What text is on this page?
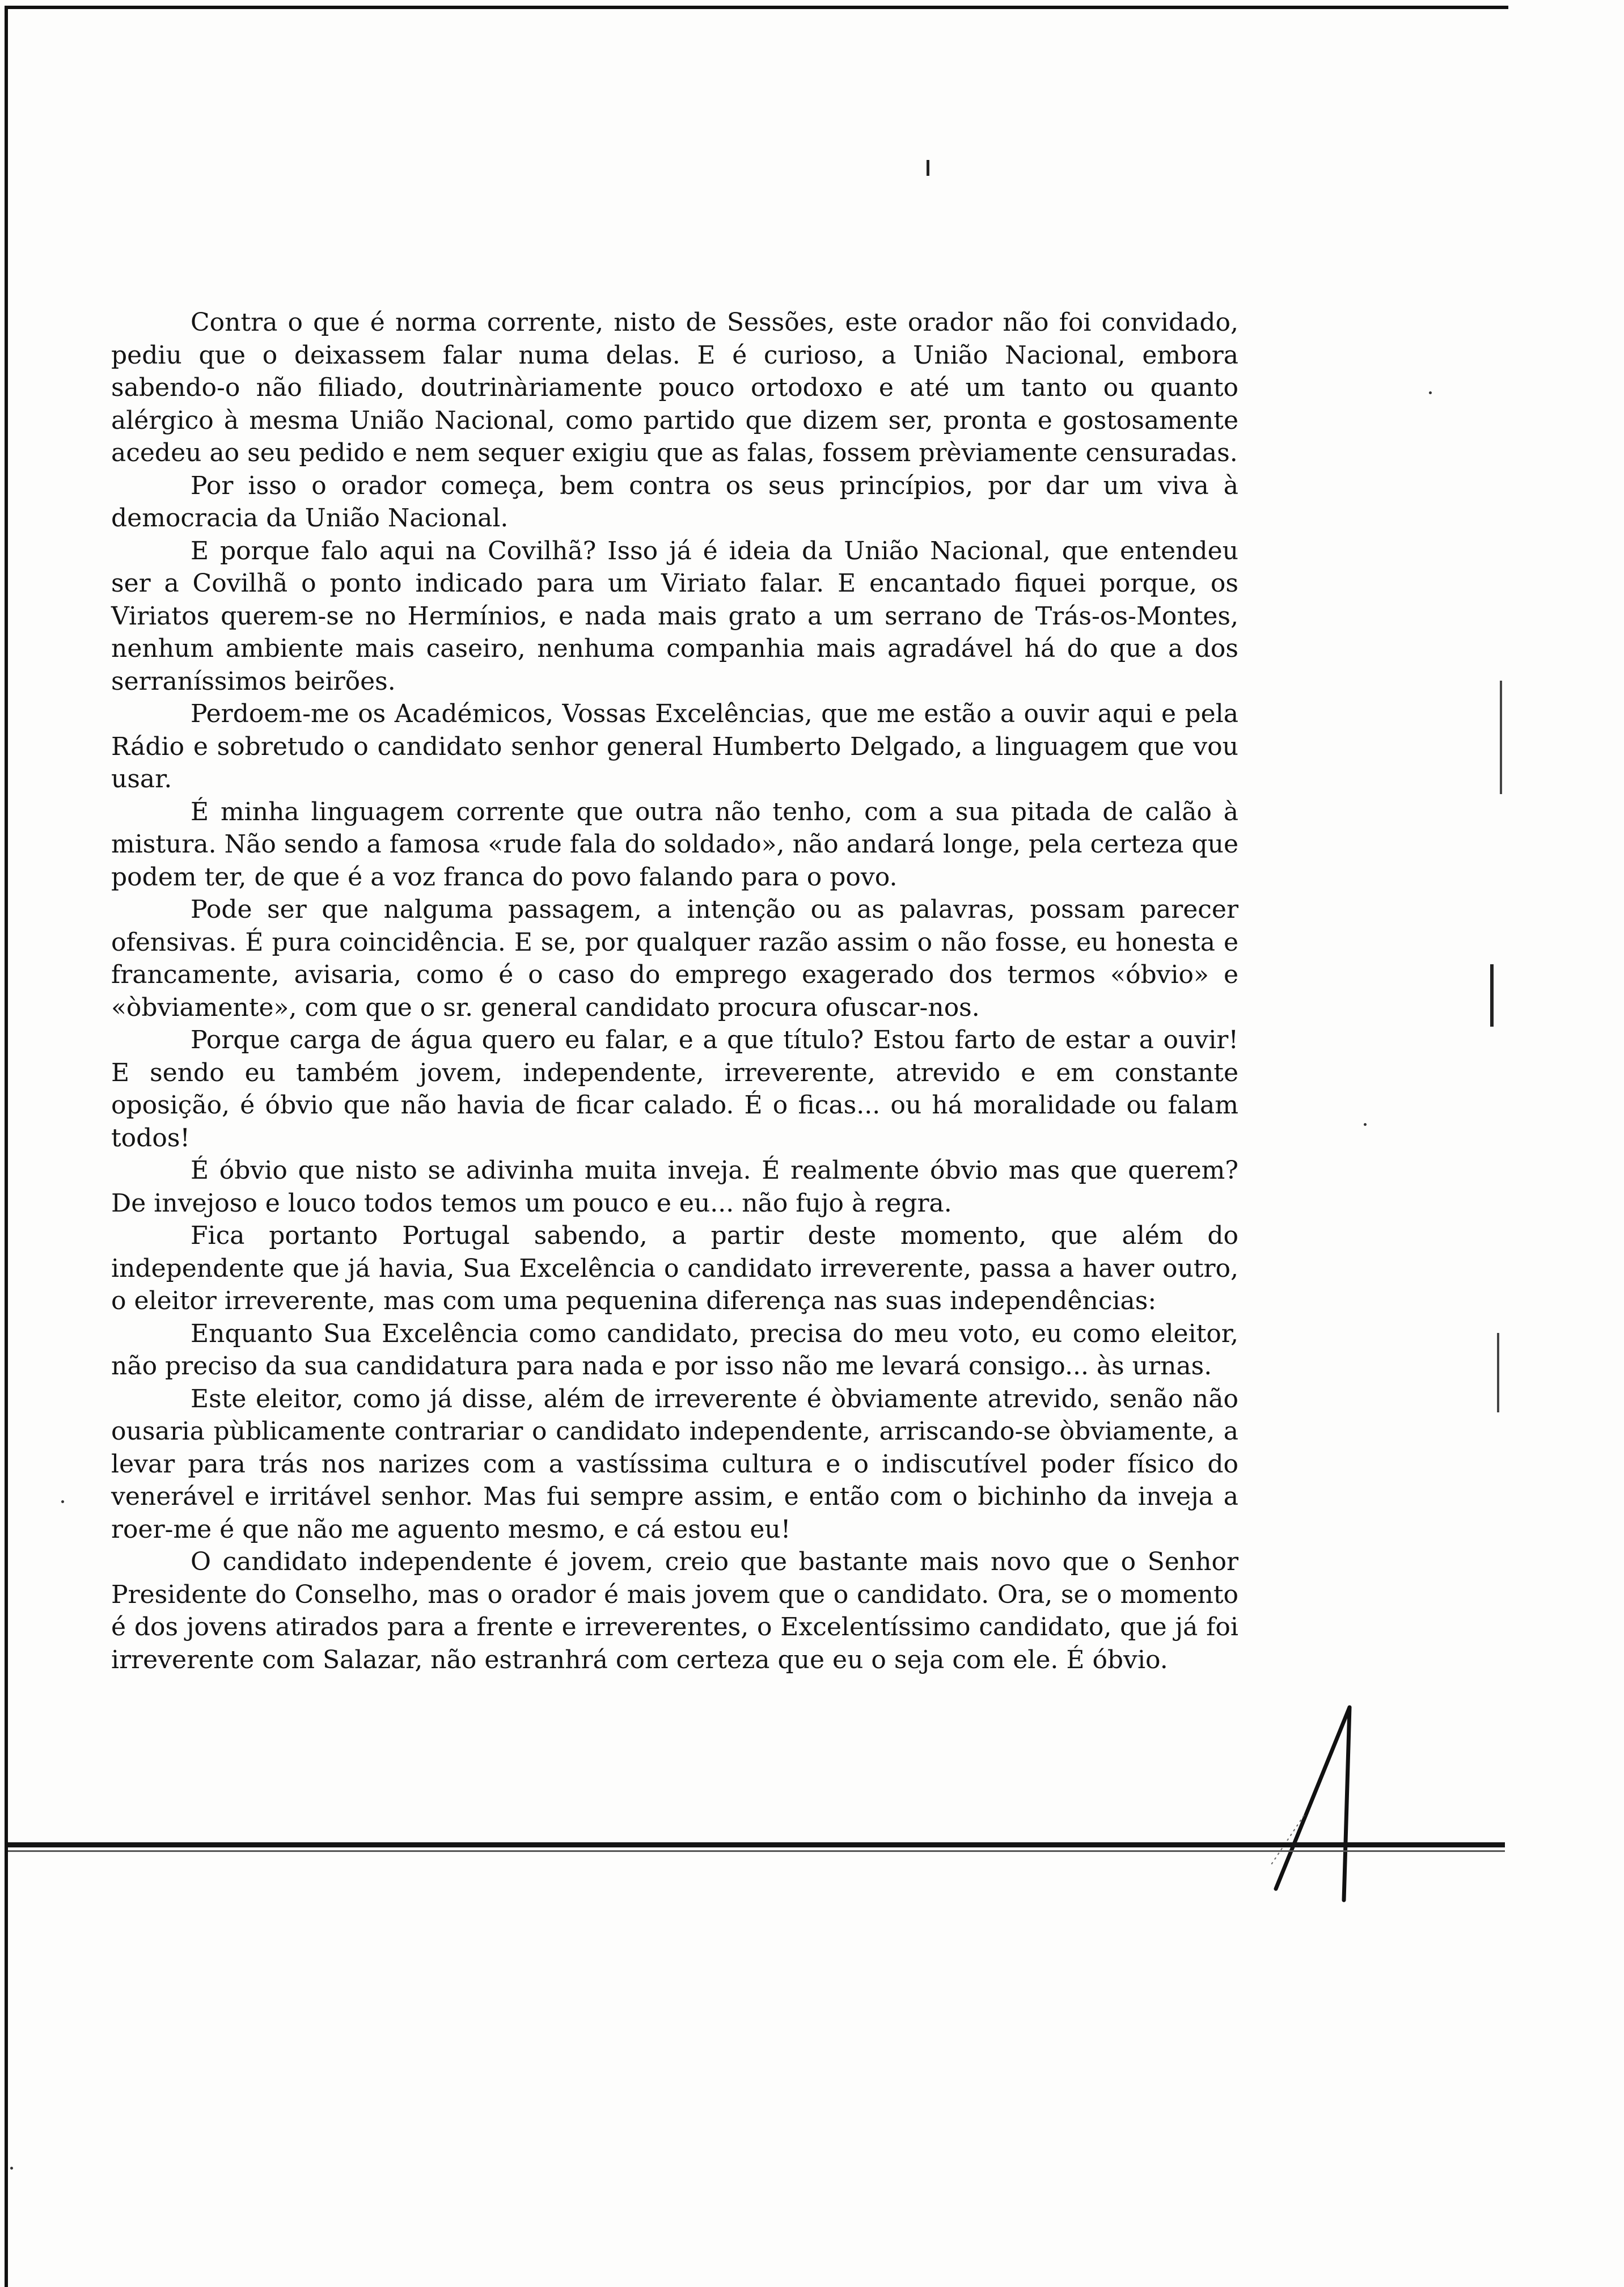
Contra o que é norma corrente, nisto de Sessões, este orador não foi convidado, pediu que o deixassem falar numa delas. E é curioso, a União Nacional, embora sabendo-o não filiado, doutrinàriamente pouco ortodoxo e até um tanto ou quanto alérgico à mesma União Nacional, como partido que dizem ser, pronta e gostosamente acedeu ao seu pedido e nem sequer exigiu que as falas, fossem prèviamente censuradas.

Por isso o orador começa, bem contra os seus princípios, por dar um viva à democracia da União Nacional.

E porque falo aqui na Covilhã? Isso já é ideia da União Nacional, que entendeu ser a Covilhã o ponto indicado para um Viriato falar. E encantado fiquei porque, os Viriatos querem-se no Hermínios, e nada mais grato a um serrano de Trás-os-Montes, nenhum ambiente mais caseiro, nenhuma companhia mais agradável há do que a dos serraníssimos beirões.

Perdoem-me os Académicos, Vossas Excelências, que me estão a ouvir aqui e pela Rádio e sobretudo o candidato senhor general Humberto Delgado, a linguagem que vou usar.

É minha linguagem corrente que outra não tenho, com a sua pitada de calão à mistura. Não sendo a famosa «rude fala do soldado», não andará longe, pela certeza que podem ter, de que é a voz franca do povo falando para o povo.

Pode ser que nalguma passagem, a intenção ou as palavras, possam parecer ofensivas. É pura coincidência. E se, por qualquer razão assim o não fosse, eu honesta e francamente, avisaria, como é o caso do emprego exagerado dos termos «óbvio» e «òbviamente», com que o sr. general candidato procura ofuscar-nos.

Porque carga de água quero eu falar, e a que título? Estou farto de estar a ouvir! E sendo eu também jovem, independente, irreverente, atrevido e em constante oposição, é óbvio que não havia de ficar calado. É o ficas... ou há moralidade ou falam todos!

É óbvio que nisto se adivinha muita inveja. É realmente óbvio mas que querem? De invejoso e louco todos temos um pouco e eu... não fujo à regra.

Fica portanto Portugal sabendo, a partir deste momento, que além do independente que já havia, Sua Excelência o candidato irreverente, passa a haver outro, o eleitor irreverente, mas com uma pequenina diferença nas suas independências:

Enquanto Sua Excelência como candidato, precisa do meu voto, eu como eleitor, não preciso da sua candidatura para nada e por isso não me levará consigo... às urnas.

Este eleitor, como já disse, além de irreverente é òbviamente atrevido, senão não ousaria pùblicamente contrariar o candidato independente, arriscando-se òbviamente, a levar para trás nos narizes com a vastíssima cultura e o indiscutível poder físico do venerável e irritável senhor. Mas fui sempre assim, e então com o bichinho da inveja a roer-me é que não me aguento mesmo, e cá estou eu!

O candidato independente é jovem, creio que bastante mais novo que o Senhor Presidente do Conselho, mas o orador é mais jovem que o candidato. Ora, se o momento é dos jovens atirados para a frente e irreverentes, o Excelentíssimo candidato, que já foi irreverente com Salazar, não estranhrá com certeza que eu o seja com ele. É óbvio.
